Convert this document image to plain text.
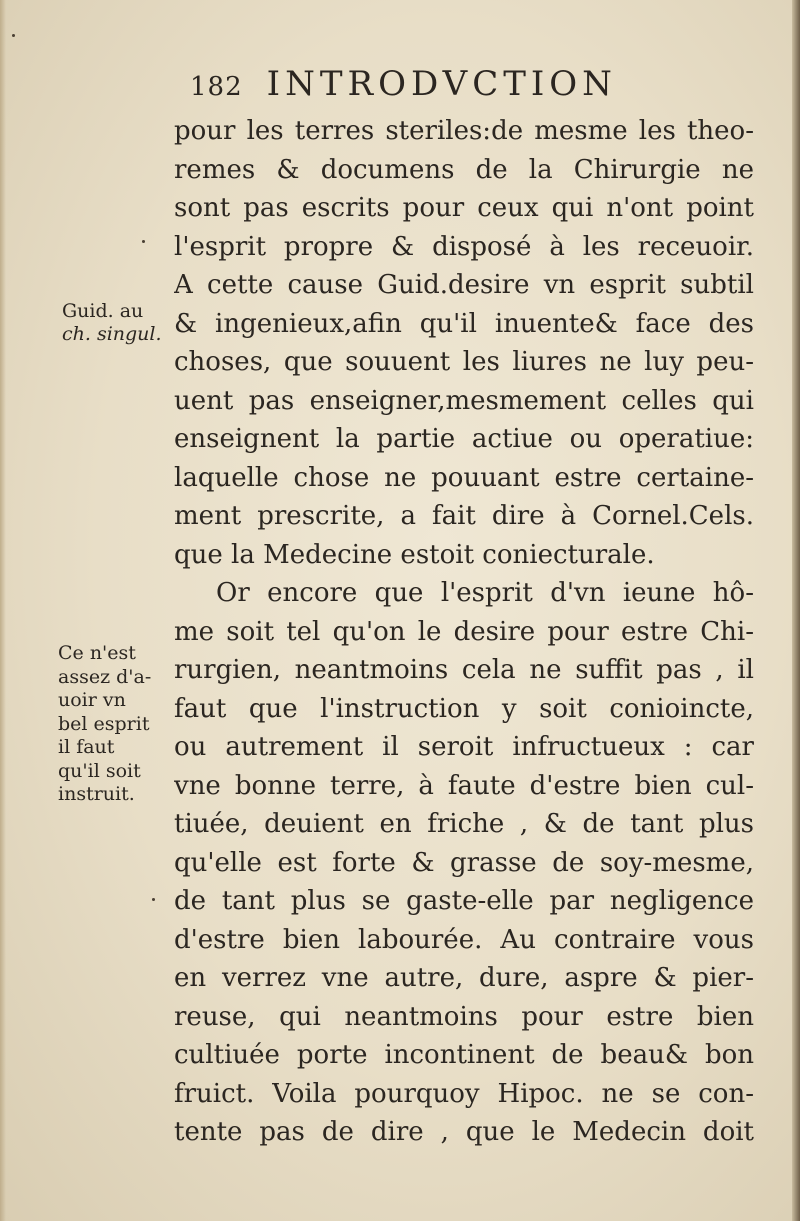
182 INTRODVCTION
pour les terres steriles:de mesme les theo-
remes & documens de la Chirurgie ne
sont pas escrits pour ceux qui n'ont point
l'esprit propre & disposé à les receuoir.
A cette cause Guid.desire vn esprit subtil
& ingenieux,afin qu'il inuente& face des
choses, que souuent les liures ne luy peu-
uent pas enseigner,mesmement celles qui
enseignent la partie actiue ou operatiue:
laquelle chose ne pouuant estre certaine-
ment prescrite, a fait dire à Cornel.Cels.
que la Medecine estoit coniecturale.
Or encore que l'esprit d'vn ieune hô-
me soit tel qu'on le desire pour estre Chi-
rurgien, neantmoins cela ne suffit pas , il
faut que l'instruction y soit conioincte,
ou autrement il seroit infructueux : car
vne bonne terre, à faute d'estre bien cul-
tiuée, deuient en friche , & de tant plus
qu'elle est forte & grasse de soy-mesme,
de tant plus se gaste-elle par negligence
d'estre bien labourée. Au contraire vous
en verrez vne autre, dure, aspre & pier-
reuse, qui neantmoins pour estre bien
cultiuée porte incontinent de beau& bon
fruict. Voila pourquoy Hipoc. ne se con-
tente pas de dire , que le Medecin doit
Guid. au
ch. singul.
Ce n'est
assez d'a-
uoir vn
bel esprit
il faut
qu'il soit
instruit.
